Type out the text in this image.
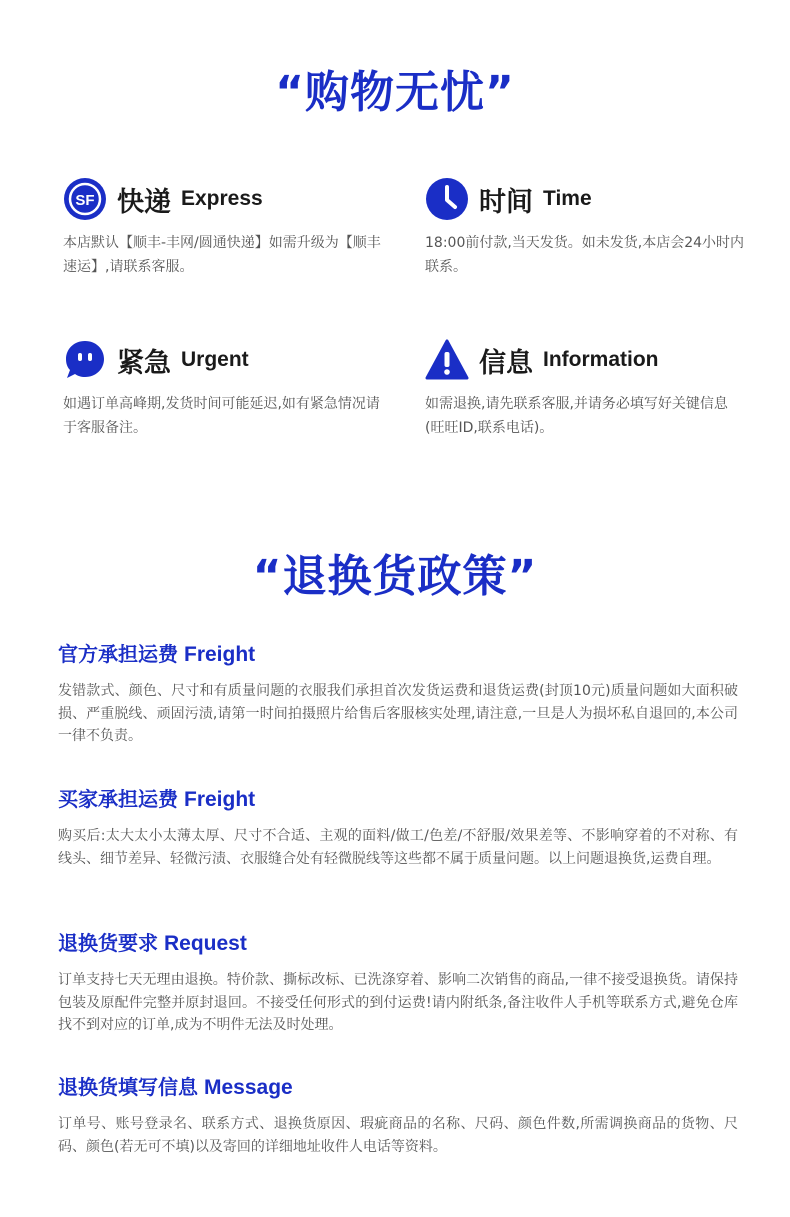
“购物无忧”
SF 快递 Express
本店默认【顺丰-丰网/圆通快递】如需升级为【顺丰速运】,请联系客服。
时间 Time
18:00前付款,当天发货。如未发货,本店会24小时内联系。
紧急 Urgent
如遇订单高峰期,发货时间可能延迟,如有紧急情况请于客服备注。
信息 Information
如需退换,请先联系客服,并请务必填写好关键信息(旺旺ID,联系电话)。
“退换货政策”
官方承担运费 Freight
发错款式、颜色、尺寸和有质量问题的衣服我们承担首次发货运费和退货运费(封顶10元)质量问题如大面积破损、严重脱线、顽固污渍,请第一时间拍摄照片给售后客服核实处理,请注意,一旦是人为损坏私自退回的,本公司一律不负责。
买家承担运费 Freight
购买后:太大太小太薄太厚、尺寸不合适、主观的面料/做工/色差/不舒服/效果差等、不影响穿着的不对称、有线头、细节差异、轻微污渍、衣服缝合处有轻微脱线等这些都不属于质量问题。以上问题退换货,运费自理。
退换货要求 Request
订单支持七天无理由退换。特价款、撕标改标、已洗涤穿着、影响二次销售的商品,一律不接受退换货。请保持包装及原配件完整并原封退回。不接受任何形式的到付运费!请内附纸条,备注收件人手机等联系方式,避免仓库找不到对应的订单,成为不明件无法及时处理。
退换货填写信息 Message
订单号、账号登录名、联系方式、退换货原因、瑕疵商品的名称、尺码、颜色件数,所需调换商品的货物、尺码、颜色(若无可不填)以及寄回的详细地址收件人电话等资料。
